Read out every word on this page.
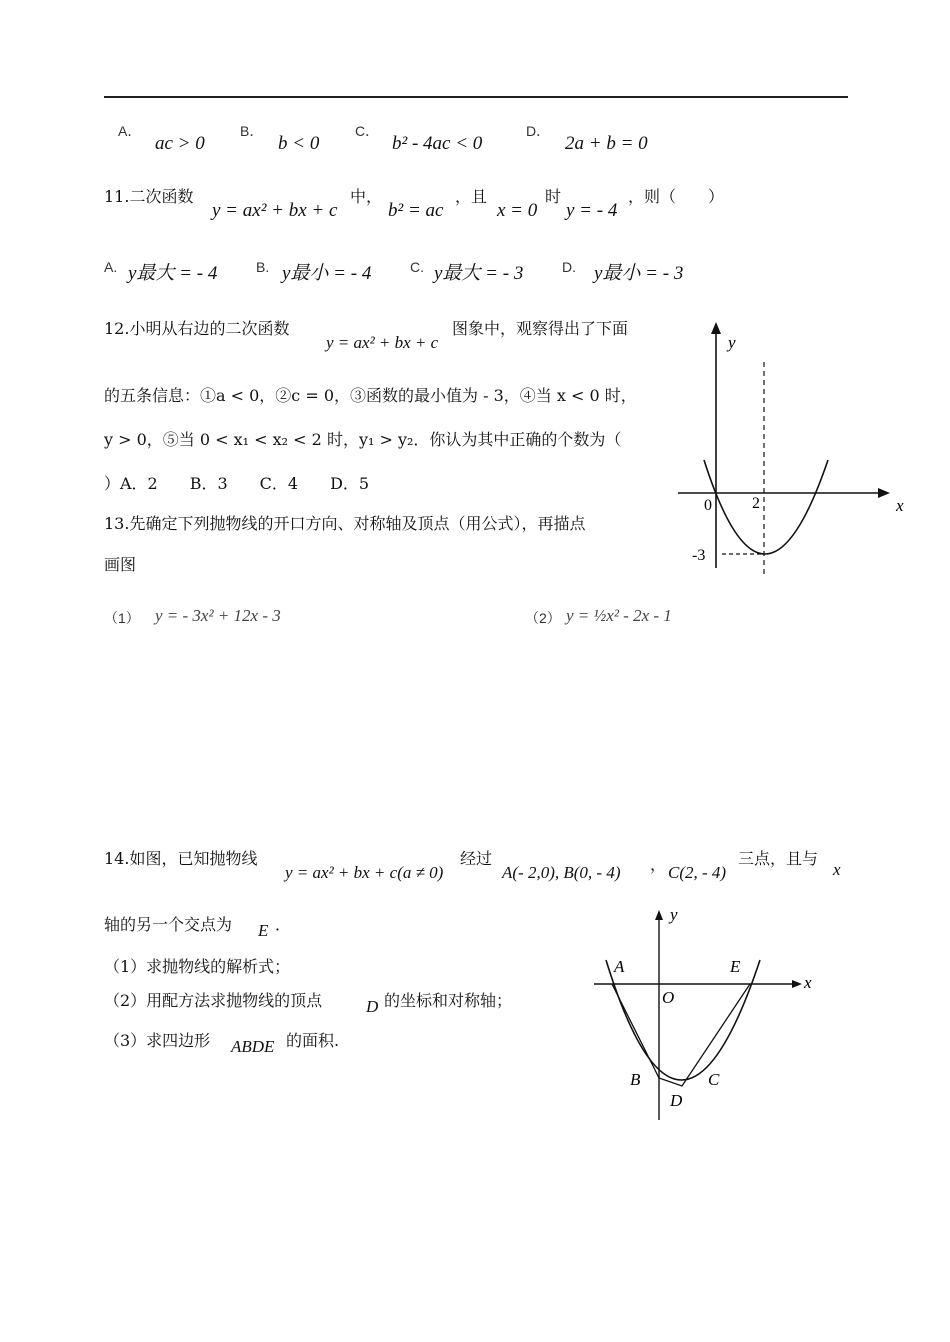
A．
ac > 0
B．
b < 0
C．
b² - 4ac < 0
D．
2a + b = 0
11.二次函数
y = ax² + bx + c
中，
b² = ac
，且
x = 0
时
y = - 4
，则（　　）
A. y最大 = - 4	B. y最小 = - 4	C. y最大 = - 3	D. y最小 = - 3
12.小明从右边的二次函数
y = ax² + bx + c
图象中，观察得出了下面
的五条信息：①a < 0，②c = 0，③函数的最小值为 - 3，④当 x < 0 时，
y > 0，⑤当 0 < x₁ < x₂ < 2 时，y₁ > y₂．你认为其中正确的个数为（
）A．2　　B．3　　C．4　　D．5
y
x
0	2
-3
13.先确定下列抛物线的开口方向、对称轴及顶点（用公式），再描点
画图
（1） y = - 3x² + 12x - 3	（2） y = ½x² - 2x - 1
14.如图，已知抛物线
y = ax² + bx + c(a ≠ 0)
经过
A(- 2,0), B(0, - 4) ， C(2, - 4)
三点，且与
x
轴的另一个交点为 E ．
（1）求抛物线的解析式；
（2）用配方法求抛物线的顶点	D 的坐标和对称轴；
（3）求四边形 ABDE 的面积.
y
x
A	E
O
B	C
D
